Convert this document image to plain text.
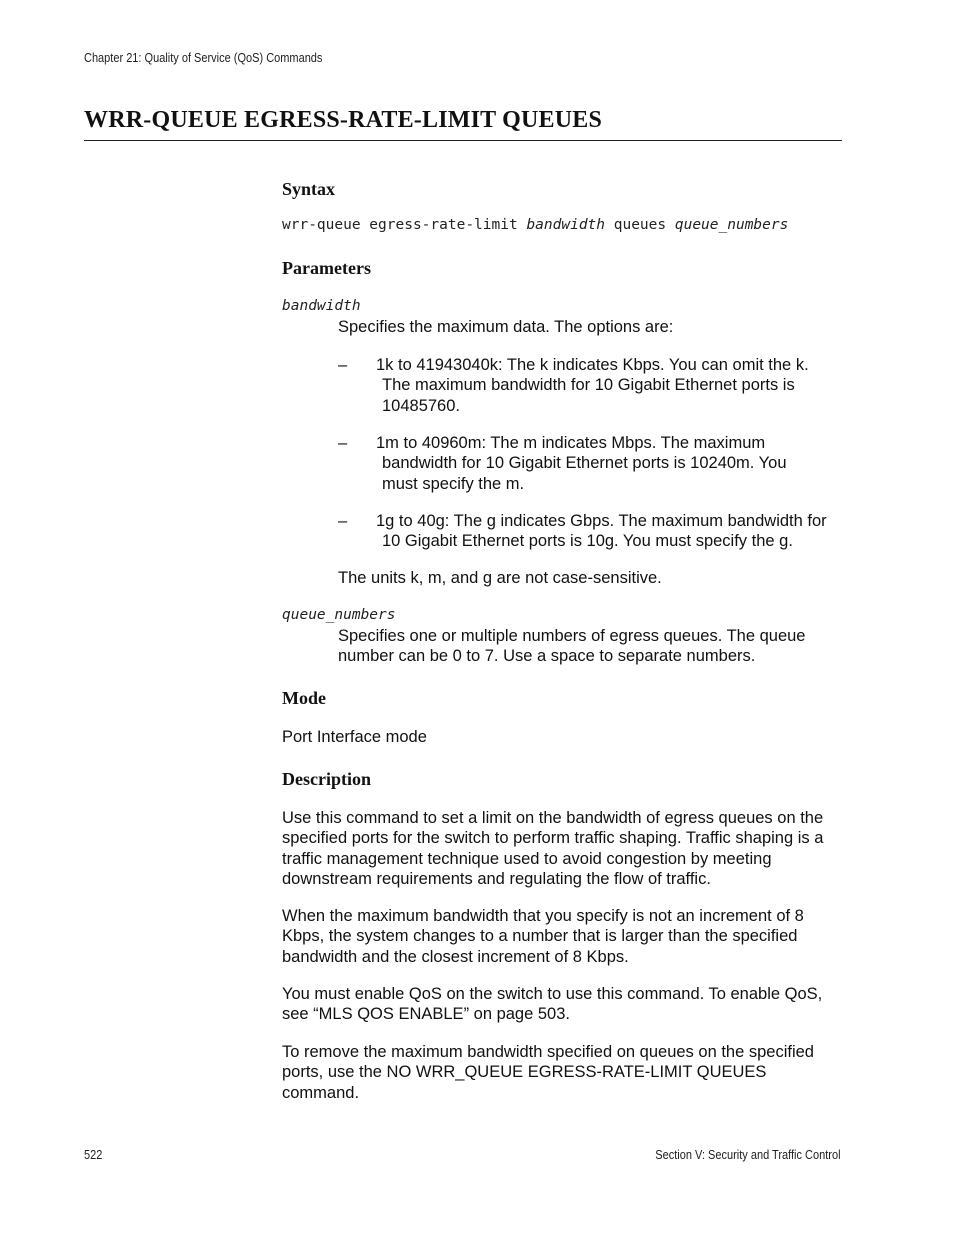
Chapter 21: Quality of Service (QoS) Commands
WRR-QUEUE EGRESS-RATE-LIMIT QUEUES
Syntax
wrr-queue egress-rate-limit bandwidth queues queue_numbers
Parameters
bandwidth

Specifies the maximum data. The options are:

– 1k to 41943040k: The k indicates Kbps. You can omit the k.
The maximum bandwidth for 10 Gigabit Ethernet ports is
10485760.
– 1m to 40960m: The m indicates Mbps. The maximum
bandwidth for 10 Gigabit Ethernet ports is 10240m. You
must specify the m.
– 1g to 40g: The g indicates Gbps. The maximum bandwidth for
10 Gigabit Ethernet ports is 10g. You must specify the g.

The units k, m, and g are not case-sensitive.

queue_numbers

Specifies one or multiple numbers of egress queues. The queue number can be 0 to 7. Use a space to separate numbers.

Mode

Port Interface mode

Description

Use this command to set a limit on the bandwidth of egress queues on the specified ports for the switch to perform traffic shaping. Traffic shaping is a traffic management technique used to avoid congestion by meeting downstream requirements and regulating the flow of traffic.

When the maximum bandwidth that you specify is not an increment of 8 Kbps, the system changes to a number that is larger than the specified bandwidth and the closest increment of 8 Kbps.

You must enable QoS on the switch to use this command. To enable QoS, see “MLS QOS ENABLE” on page 503.

To remove the maximum bandwidth specified on queues on the specified ports, use the NO WRR_QUEUE EGRESS-RATE-LIMIT QUEUES command.

522	Section V: Security and Traffic Control
